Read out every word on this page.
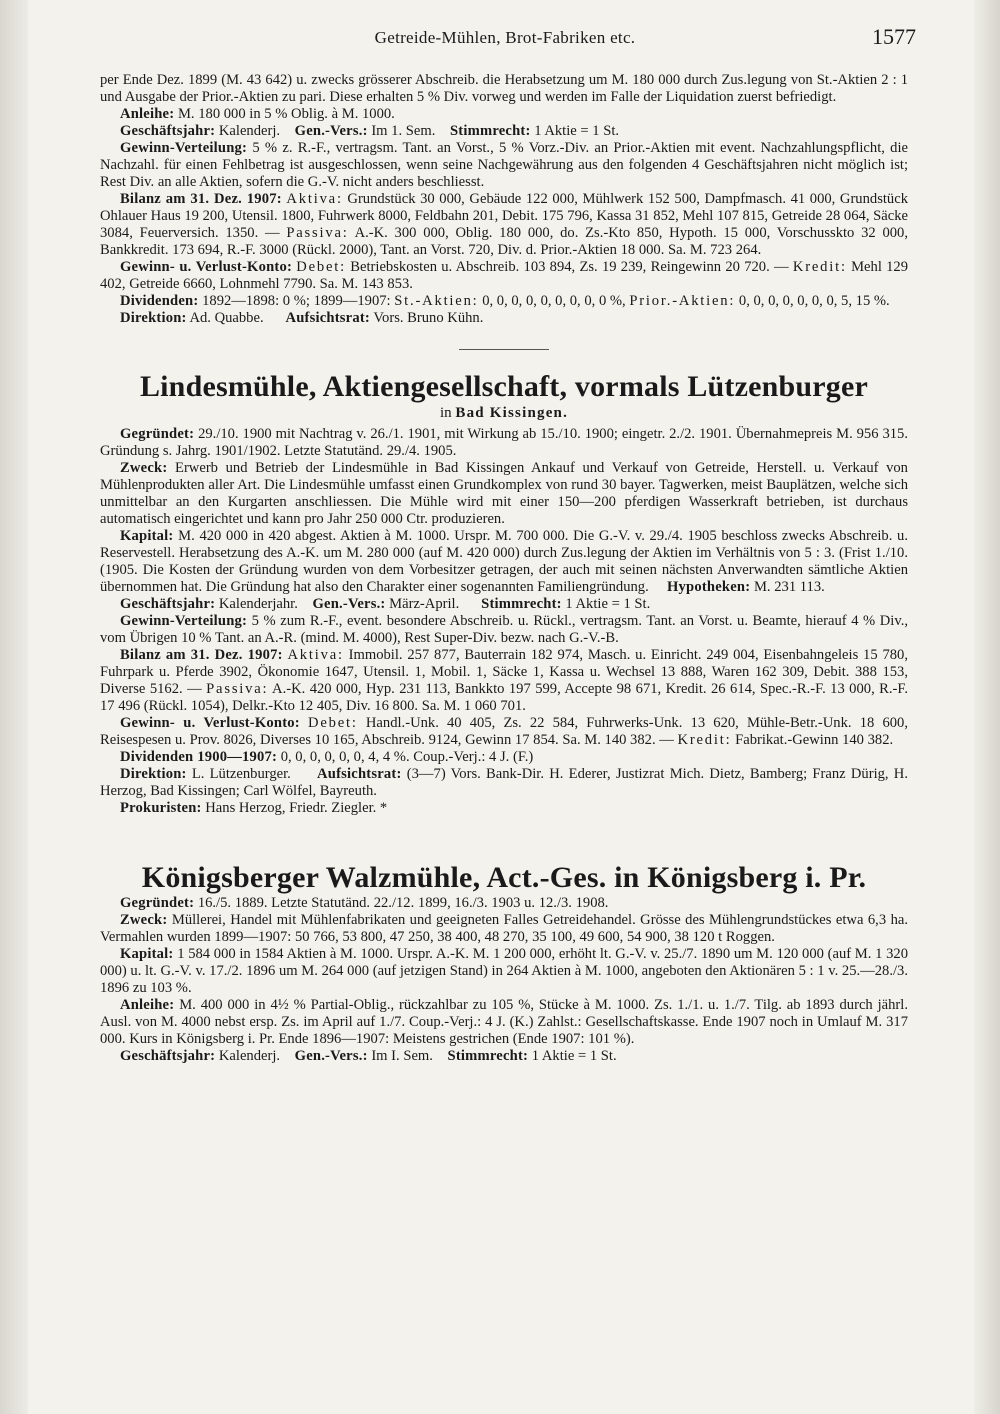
Getreide-Mühlen, Brot-Fabriken etc.	1577

per Ende Dez. 1899 (M. 43 642) u. zwecks grösserer Abschreib. die Herabsetzung um M. 180 000 durch Zus.legung von St.-Aktien 2 : 1 und Ausgabe der Prior.-Aktien zu pari. Diese erhalten 5 % Div. vorweg und werden im Falle der Liquidation zuerst befriedigt.

Anleihe: M. 180 000 in 5 % Oblig. à M. 1000.

Geschäftsjahr: Kalenderj. Gen.-Vers.: Im 1. Sem. Stimmrecht: 1 Aktie = 1 St.

Gewinn-Verteilung: 5 % z. R.-F., vertragsm. Tant. an Vorst., 5 % Vorz.-Div. an Prior.-Aktien mit event. Nachzahlungspflicht, die Nachzahl. für einen Fehlbetrag ist ausgeschlossen, wenn seine Nachgewährung aus den folgenden 4 Geschäftsjahren nicht möglich ist; Rest Div. an alle Aktien, sofern die G.-V. nicht anders beschliesst.

Bilanz am 31. Dez. 1907: Aktiva: Grundstück 30 000, Gebäude 122 000, Mühlwerk 152 500, Dampfmasch. 41 000, Grundstück Ohlauer Haus 19 200, Utensil. 1800, Fuhrwerk 8000, Feldbahn 201, Debit. 175 796, Kassa 31 852, Mehl 107 815, Getreide 28 064, Säcke 3084, Feuerversich. 1350. — Passiva: A.-K. 300 000, Oblig. 180 000, do. Zs.-Kto 850, Hypoth. 15 000, Vorschusskto 32 000, Bankkredit. 173 694, R.-F. 3000 (Rückl. 2000), Tant. an Vorst. 720, Div. d. Prior.-Aktien 18 000. Sa. M. 723 264.

Gewinn- u. Verlust-Konto: Debet: Betriebskosten u. Abschreib. 103 894, Zs. 19 239, Reingewinn 20 720. — Kredit: Mehl 129 402, Getreide 6660, Lohnmehl 7790. Sa. M. 143 853.

Dividenden: 1892—1898: 0 %; 1899—1907: St.-Aktien: 0, 0, 0, 0, 0, 0, 0, 0, 0 %, Prior.-Aktien: 0, 0, 0, 0, 0, 0, 0, 5, 15 %.

Direktion: Ad. Quabbe. Aufsichtsrat: Vors. Bruno Kühn.

Lindesmühle, Aktiengesellschaft, vormals Lützenburger
in Bad Kissingen.

Gegründet: 29./10. 1900 mit Nachtrag v. 26./1. 1901, mit Wirkung ab 15./10. 1900; eingetr. 2./2. 1901. Übernahmepreis M. 956 315. Gründung s. Jahrg. 1901/1902. Letzte Statutänd. 29./4. 1905.

Zweck: Erwerb und Betrieb der Lindesmühle in Bad Kissingen Ankauf und Verkauf von Getreide, Herstell. u. Verkauf von Mühlenprodukten aller Art. Die Lindesmühle umfasst einen Grundkomplex von rund 30 bayer. Tagwerken, meist Bauplätzen, welche sich unmittelbar an den Kurgarten anschliessen. Die Mühle wird mit einer 150—200 pferdigen Wasserkraft betrieben, ist durchaus automatisch eingerichtet und kann pro Jahr 250 000 Ctr. produzieren.

Kapital: M. 420 000 in 420 abgest. Aktien à M. 1000. Urspr. M. 700 000. Die G.-V. v. 29./4. 1905 beschloss zwecks Abschreib. u. Reservestell. Herabsetzung des A.-K. um M. 280 000 (auf M. 420 000) durch Zus.legung der Aktien im Verhältnis von 5 : 3. (Frist 1./10. (1905. Die Kosten der Gründung wurden von dem Vorbesitzer getragen, der auch mit seinen nächsten Anverwandten sämtliche Aktien übernommen hat. Die Gründung hat also den Charakter einer sogenannten Familiengründung. Hypotheken: M. 231 113.

Geschäftsjahr: Kalenderjahr. Gen.-Vers.: März-April. Stimmrecht: 1 Aktie = 1 St.

Gewinn-Verteilung: 5 % zum R.-F., event. besondere Abschreib. u. Rückl., vertragsm. Tant. an Vorst. u. Beamte, hierauf 4 % Div., vom Übrigen 10 % Tant. an A.-R. (mind. M. 4000), Rest Super-Div. bezw. nach G.-V.-B.

Bilanz am 31. Dez. 1907: Aktiva: Immobil. 257 877, Bauterrain 182 974, Masch. u. Einricht. 249 004, Eisenbahngeleis 15 780, Fuhrpark u. Pferde 3902, Ökonomie 1647, Utensil. 1, Mobil. 1, Säcke 1, Kassa u. Wechsel 13 888, Waren 162 309, Debit. 388 153, Diverse 5162. — Passiva: A.-K. 420 000, Hyp. 231 113, Bankkto 197 599, Accepte 98 671, Kredit. 26 614, Spec.-R.-F. 13 000, R.-F. 17 496 (Rückl. 1054), Delkr.-Kto 12 405, Div. 16 800. Sa. M. 1 060 701.

Gewinn- u. Verlust-Konto: Debet: Handl.-Unk. 40 405, Zs. 22 584, Fuhrwerks-Unk. 13 620, Mühle-Betr.-Unk. 18 600, Reisespesen u. Prov. 8026, Diverses 10 165, Abschreib. 9124, Gewinn 17 854. Sa. M. 140 382. — Kredit: Fabrikat.-Gewinn 140 382.

Dividenden 1900—1907: 0, 0, 0, 0, 0, 0, 4, 4 %. Coup.-Verj.: 4 J. (F.)

Direktion: L. Lützenburger. Aufsichtsrat: (3—7) Vors. Bank-Dir. H. Ederer, Justizrat Mich. Dietz, Bamberg; Franz Dürig, H. Herzog, Bad Kissingen; Carl Wölfel, Bayreuth.

Prokuristen: Hans Herzog, Friedr. Ziegler. *

Königsberger Walzmühle, Act.-Ges. in Königsberg i. Pr.

Gegründet: 16./5. 1889. Letzte Statutänd. 22./12. 1899, 16./3. 1903 u. 12./3. 1908.

Zweck: Müllerei, Handel mit Mühlenfabrikaten und geeigneten Falles Getreidehandel. Grösse des Mühlengrundstückes etwa 6,3 ha. Vermahlen wurden 1899—1907: 50 766, 53 800, 47 250, 38 400, 48 270, 35 100, 49 600, 54 900, 38 120 t Roggen.

Kapital: 1 584 000 in 1584 Aktien à M. 1000. Urspr. A.-K. M. 1 200 000, erhöht lt. G.-V. v. 25./7. 1890 um M. 120 000 (auf M. 1 320 000) u. lt. G.-V. v. 17./2. 1896 um M. 264 000 (auf jetzigen Stand) in 264 Aktien à M. 1000, angeboten den Aktionären 5 : 1 v. 25.—28./3. 1896 zu 103 %.

Anleihe: M. 400 000 in 4½ % Partial-Oblig., rückzahlbar zu 105 %, Stücke à M. 1000. Zs. 1./1. u. 1./7. Tilg. ab 1893 durch jährl. Ausl. von M. 4000 nebst ersp. Zs. im April auf 1./7. Coup.-Verj.: 4 J. (K.) Zahlst.: Gesellschaftskasse. Ende 1907 noch in Umlauf M. 317 000. Kurs in Königsberg i. Pr. Ende 1896—1907: Meistens gestrichen (Ende 1907: 101 %).

Geschäftsjahr: Kalenderj. Gen.-Vers.: Im I. Sem. Stimmrecht: 1 Aktie = 1 St.
